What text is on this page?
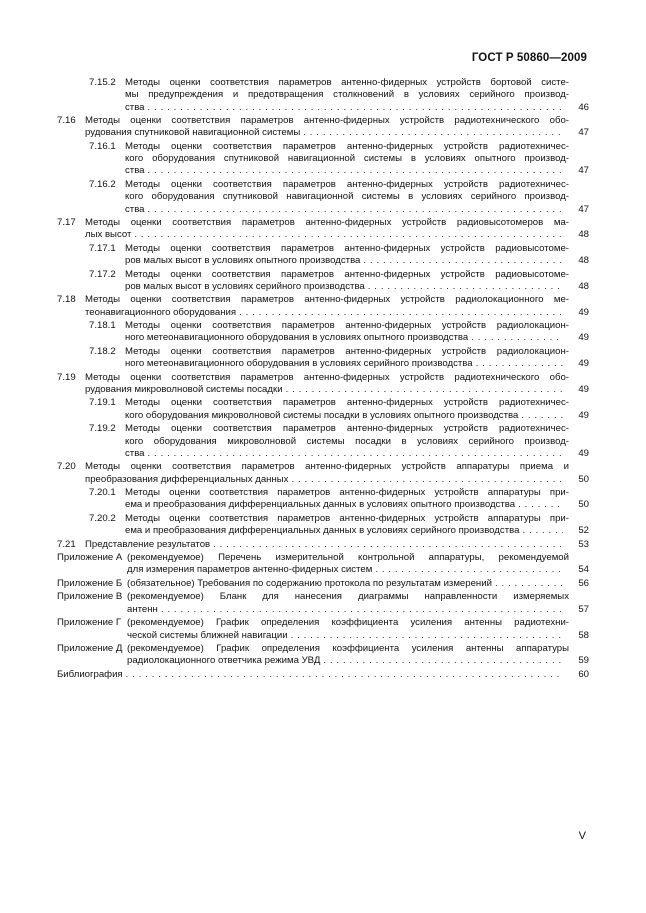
ГОСТ Р 50860—2009
7.15.2 Методы оценки соответствия параметров антенно-фидерных устройств бортовой систе-
мы предупреждения и предотвращения столкновений в условиях серийного производ-
ства . . .	46
7.16 Методы оценки соответствия параметров антенно-фидерных устройств радиотехнического обо-
рудования спутниковой навигационной системы . . .	47
7.16.1 Методы оценки соответствия параметров антенно-фидерных устройств радиотехничес-
кого оборудования спутниковой навигационной системы в условиях опытного производ-
ства . . .	47
7.16.2 Методы оценки соответствия параметров антенно-фидерных устройств радиотехничес-
кого оборудования спутниковой навигационной системы в условиях серийного производ-
ства . . .	47
7.17 Методы оценки соответствия параметров антенно-фидерных устройств радиовысотомеров ма-
лых высот . . .	48
7.17.1 Методы оценки соответствия параметров антенно-фидерных устройств радиовысотоме-
ров малых высот в условиях опытного производства . . .	48
7.17.2 Методы оценки соответствия параметров антенно-фидерных устройств радиовысотоме-
ров малых высот в условиях серийного производства . . .	48
7.18 Методы оценки соответствия параметров антенно-фидерных устройств радиолокационного ме-
теонавигационного оборудования . . .	49
7.18.1 Методы оценки соответствия параметров антенно-фидерных устройств радиолокацион-
ного метеонавигационного оборудования в условиях опытного производства . . .	49
7.18.2 Методы оценки соответствия параметров антенно-фидерных устройств радиолокацион-
ного метеонавигационного оборудования в условиях серийного производства . . .	49
7.19 Методы оценки соответствия параметров антенно-фидерных устройств радиотехнического обо-
рудования микроволновой системы посадки . . .	49
7.19.1 Методы оценки соответствия параметров антенно-фидерных устройств радиотехничес-
кого оборудования микроволновой системы посадки в условиях опытного производства . . .	49
7.19.2 Методы оценки соответствия параметров антенно-фидерных устройств радиотехничес-
кого оборудования микроволновой системы посадки в условиях серийного производ-
ства . . .	49
7.20 Методы оценки соответствия параметров антенно-фидерных устройств аппаратуры приема и
преобразования дифференциальных данных . . .	50
7.20.1 Методы оценки соответствия параметров антенно-фидерных устройств аппаратуры при-
ема и преобразования дифференциальных данных в условиях опытного производства . . .	50
7.20.2 Методы оценки соответствия параметров антенно-фидерных устройств аппаратуры при-
ема и преобразования дифференциальных данных в условиях серийного производства . . .	52
7.21 Представление результатов . . .	53
Приложение А (рекомендуемое) Перечень измерительной контрольной аппаратуры, рекомендуемой
для измерения параметров антенно-фидерных систем . . .	54
Приложение Б (обязательное) Требования по содержанию протокола по результатам измерений . . .	56
Приложение В (рекомендуемое) Бланк для нанесения диаграммы направленности измеряемых
антенн . . .	57
Приложение Г (рекомендуемое) График определения коэффициента усиления антенны радиотехни-
ческой системы ближней навигации . . .	58
Приложение Д (рекомендуемое) График определения коэффициента усиления антенны аппаратуры
радиолокационного ответчика режима УВД . . .	59
Библиография . . .	60
V
